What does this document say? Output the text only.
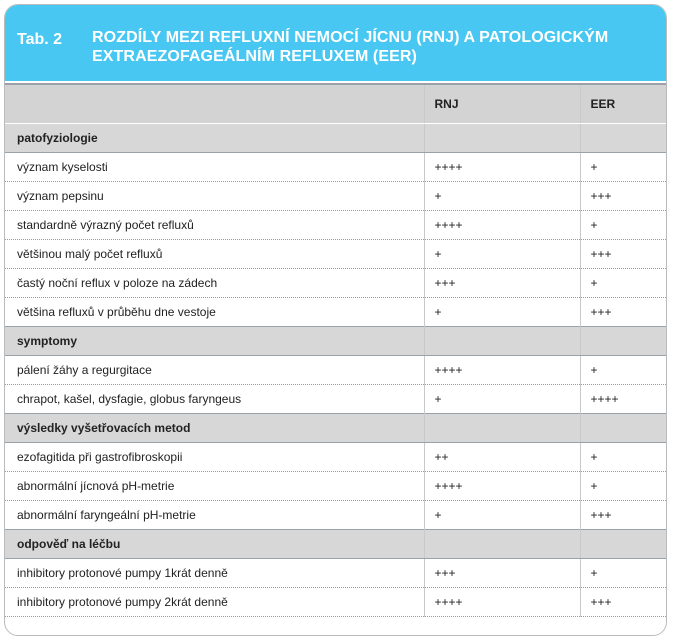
Tab. 2 ROZDÍLY MEZI REFLUXNÍ NEMOCÍ JÍCNU (RNJ) A PATOLOGICKÝM
EXTRAEZOFAGEÁLNÍM REFLUXEM (EER)
	RNJ	EER
patofyziologie		
význam kyselosti	++++	+
význam pepsinu	+	+++
standardně výrazný počet refluxů	++++	+
většinou malý počet refluxů	+	+++
častý noční reflux v poloze na zádech	+++	+
většina refluxů v průběhu dne vestoje	+	+++
symptomy		
pálení žáhy a regurgitace	++++	+
chrapot, kašel, dysfagie, globus faryngeus	+	++++
výsledky vyšetřovacích metod		
ezofagitida při gastrofibroskopii	++	+
abnormální jícnová pH-metrie	++++	+
abnormální faryngeální pH-metrie	+	+++
odpověď na léčbu		
inhibitory protonové pumpy 1krát denně	+++	+
inhibitory protonové pumpy 2krát denně	++++	+++
